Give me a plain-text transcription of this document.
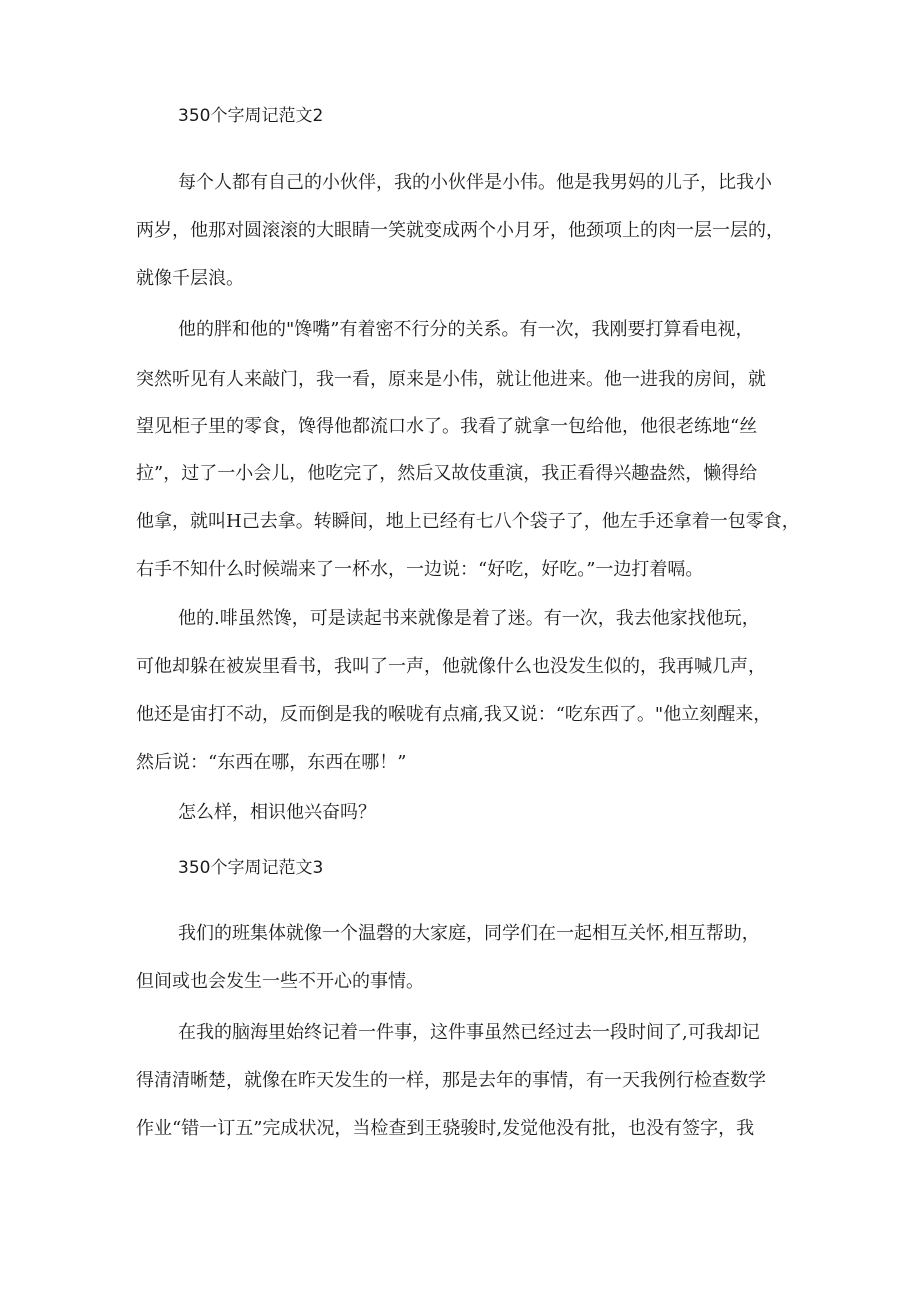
350个字周记范文2
每个人都有自己的小伙伴，我的小伙伴是小伟。他是我男妈的儿子，比我小
两岁，他那对圆滚滚的大眼睛一笑就变成两个小月牙，他颈项上的肉一层一层的，
就像千层浪。
他的胖和他的"馋嘴”有着密不行分的关系。有一次，我刚要打算看电视，
突然听见有人来敲门，我一看，原来是小伟，就让他进来。他一进我的房间，就
望见柜子里的零食，馋得他都流口水了。我看了就拿一包给他，他很老练地“丝
拉”，过了一小会儿，他吃完了，然后又故伎重演，我正看得兴趣盎然，懒得给
他拿，就叫H己去拿。转瞬间，地上已经有七八个袋子了，他左手还拿着一包零食，
右手不知什么时候端来了一杯水，一边说：“好吃，好吃。”一边打着嗝。
他的.啡虽然馋，可是读起书来就像是着了迷。有一次，我去他家找他玩，
可他却躲在被炭里看书，我叫了一声，他就像什么也没发生似的，我再喊几声，
他还是宙打不动，反而倒是我的喉咙有点痛,我又说：“吃东西了。"他立刻醒来，
然后说：“东西在哪，东西在哪！”
怎么样，相识他兴奋吗？
350个字周记范文3
我们的班集体就像一个温磬的大家庭，同学们在一起相互关怀,相互帮助，
但间或也会发生一些不开心的事情。
在我的脑海里始终记着一件事，这件事虽然已经过去一段时间了,可我却记
得清清晰楚，就像在昨天发生的一样，那是去年的事情，有一天我例行检查数学
作业“错一订五”完成状况，当检查到王骁骏时,发觉他没有批，也没有签字，我
